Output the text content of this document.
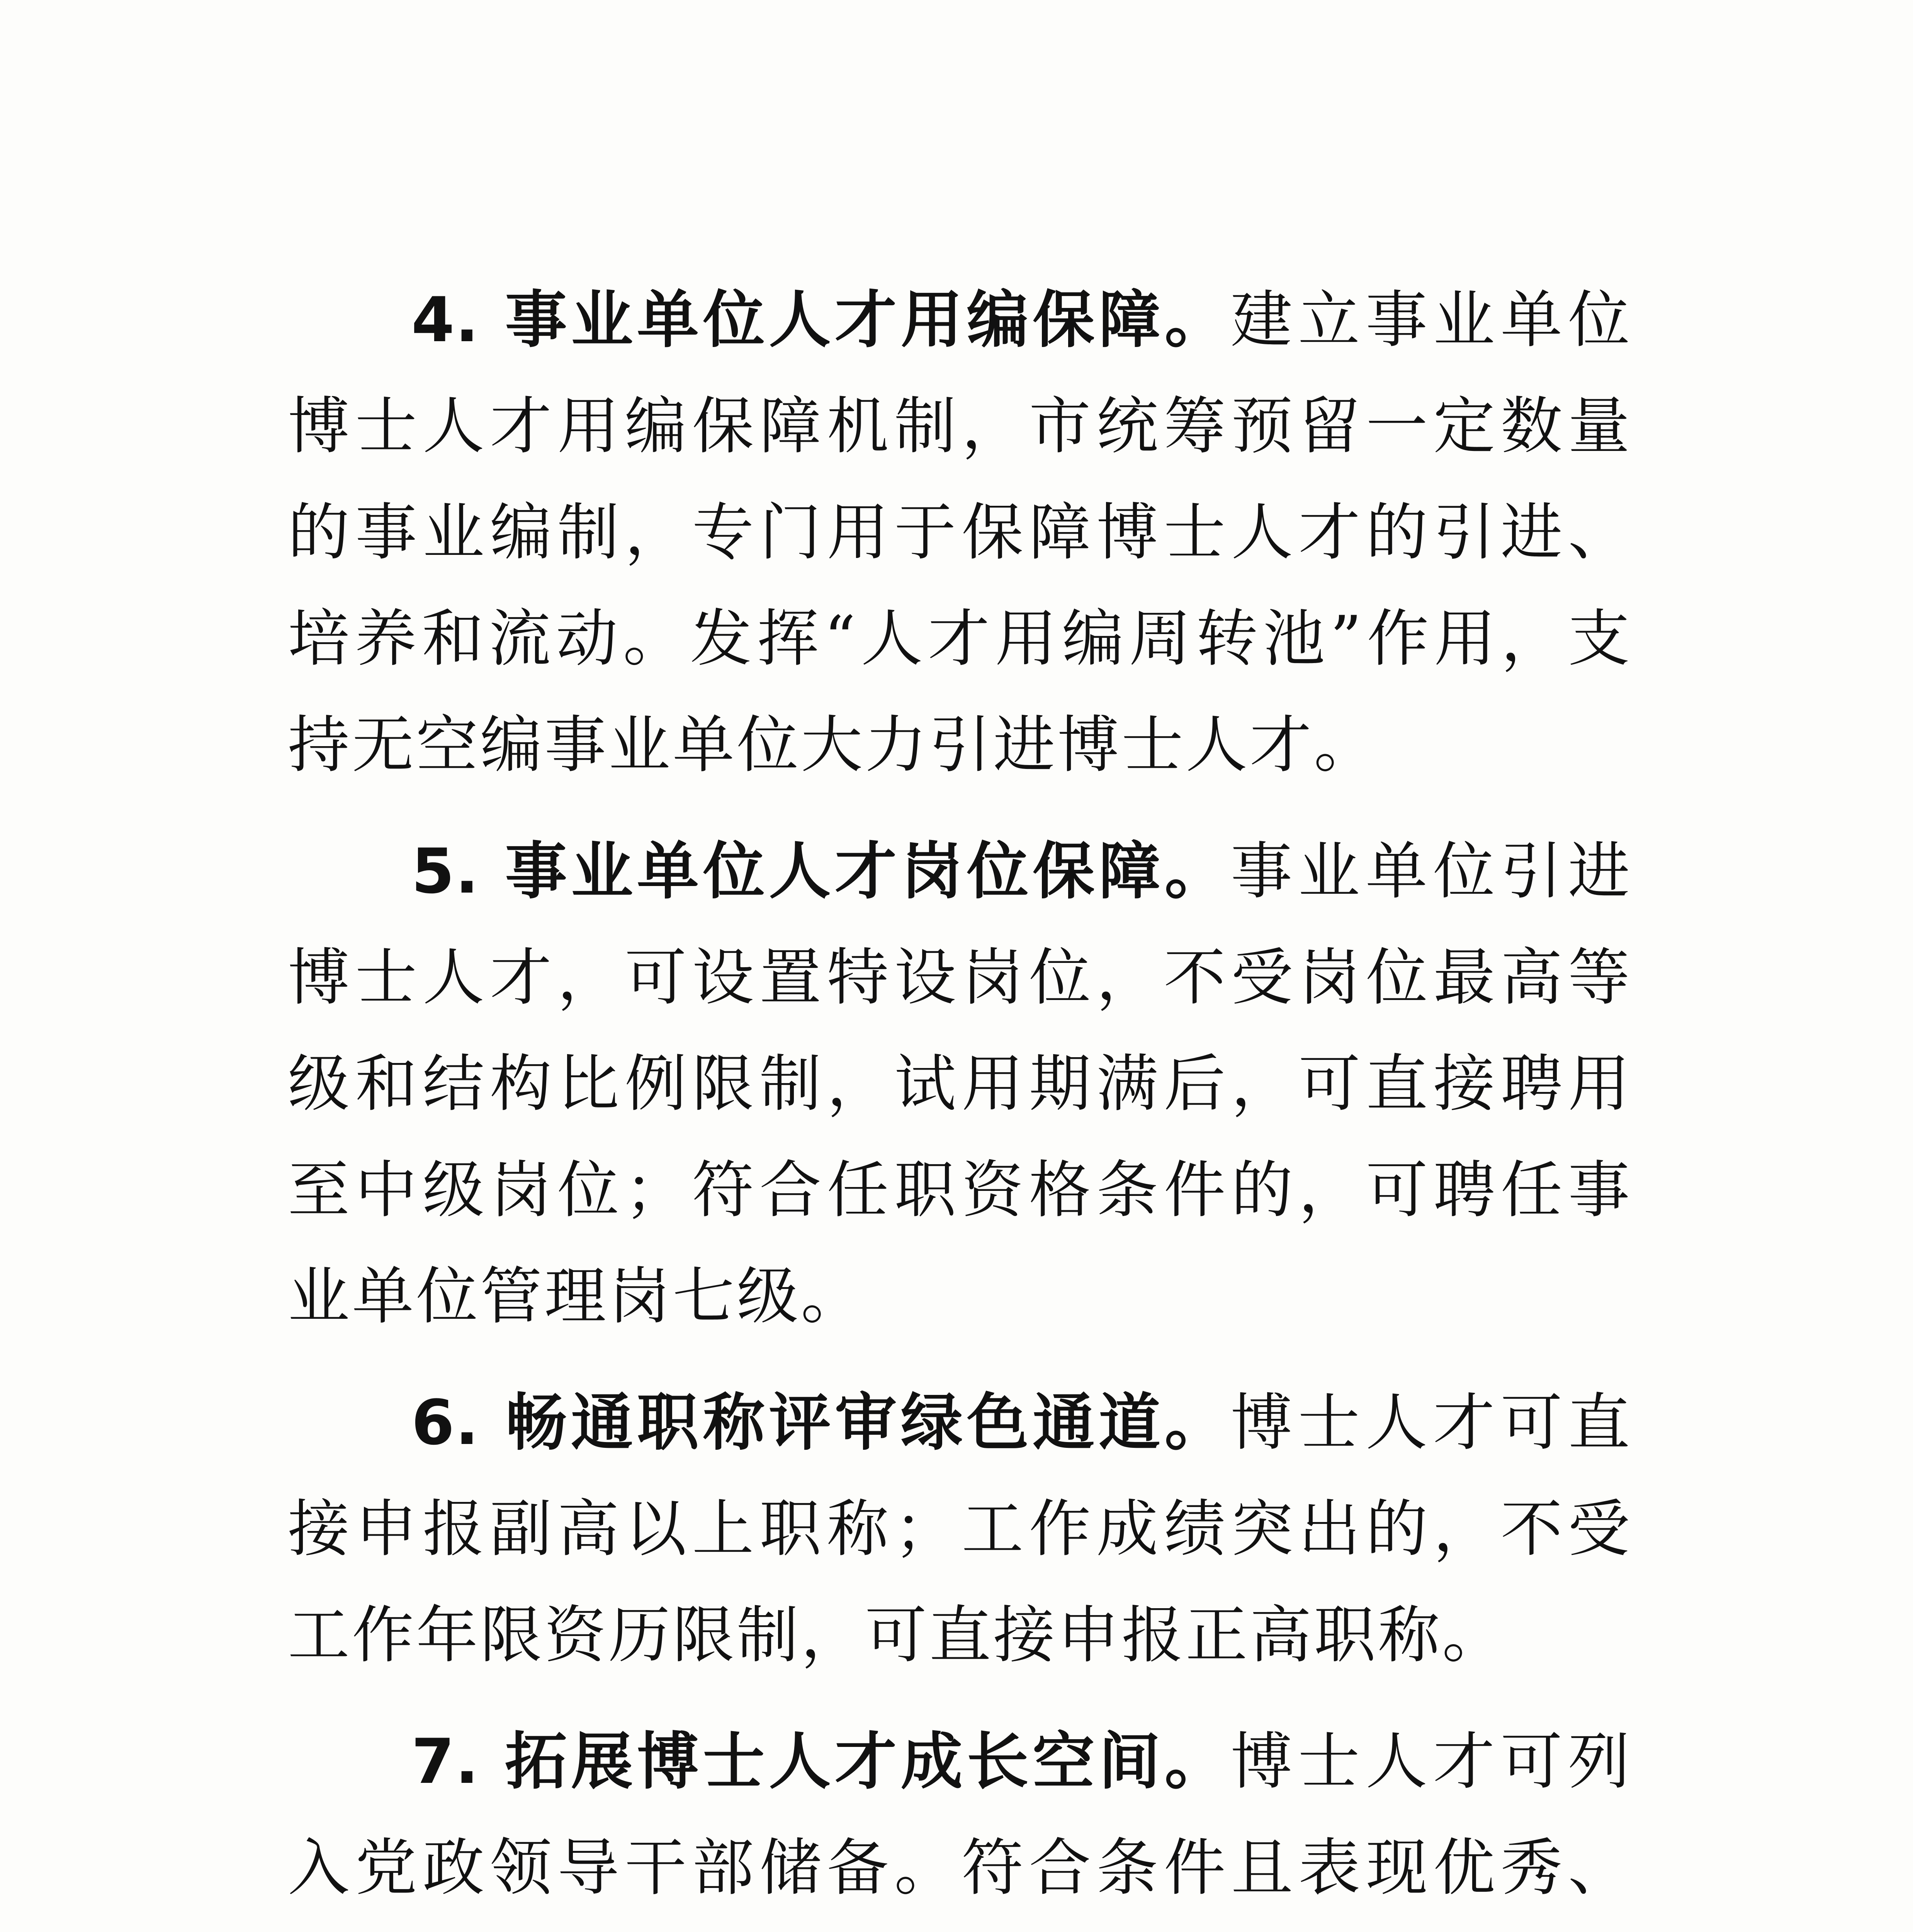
4. 事业单位人才用编保障。建立事业单位博士人才用编保障机制，市统筹预留一定数量的事业编制，专门用于保障博士人才的引进、培养和流动。发挥“人才用编周转池”作用，支持无空编事业单位大力引进博士人才。

5. 事业单位人才岗位保障。事业单位引进博士人才，可设置特设岗位，不受岗位最高等级和结构比例限制，试用期满后，可直接聘用至中级岗位；符合任职资格条件的，可聘任事业单位管理岗七级。

6. 畅通职称评审绿色通道。博士人才可直接申报副高以上职称；工作成绩突出的，不受工作年限资历限制，可直接申报正高职称。

7. 拓展博士人才成长空间。博士人才可列入党政领导干部储备。符合条件且表现优秀、
